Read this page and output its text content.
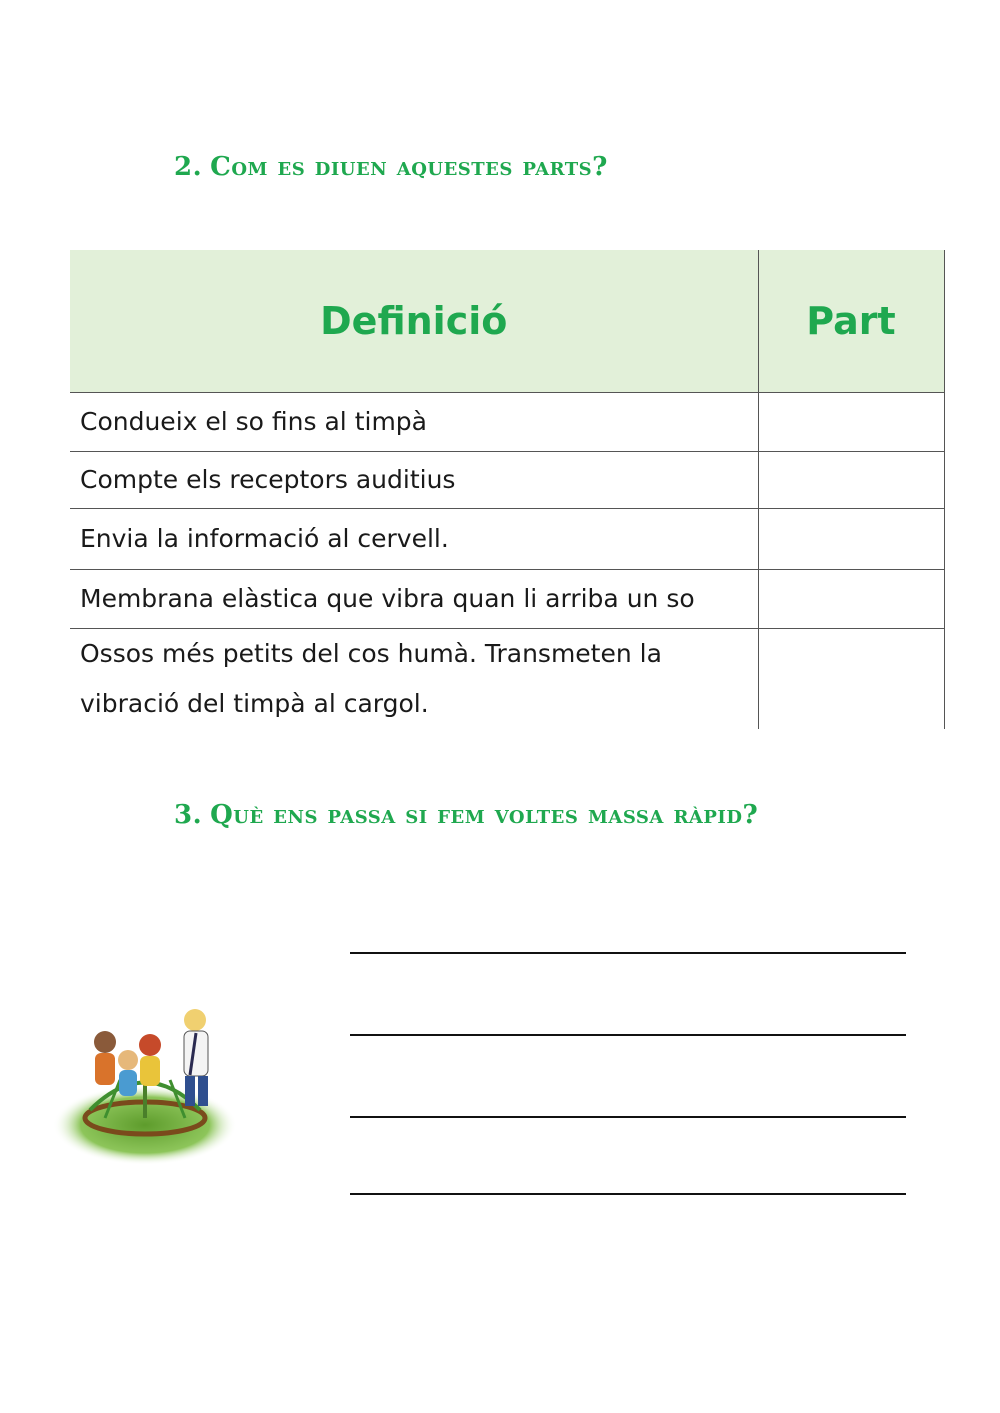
2. Com es diuen aquestes parts?
Definició	Part
Condueix el so fins al timpà	
Compte els receptors auditius	
Envia la informació al cervell.	
Membrana elàstica que vibra quan li arriba un so	
Ossos més petits del cos humà. Transmeten la vibració del timpà al cargol.	
3. Què ens passa si fem voltes massa ràpid?
